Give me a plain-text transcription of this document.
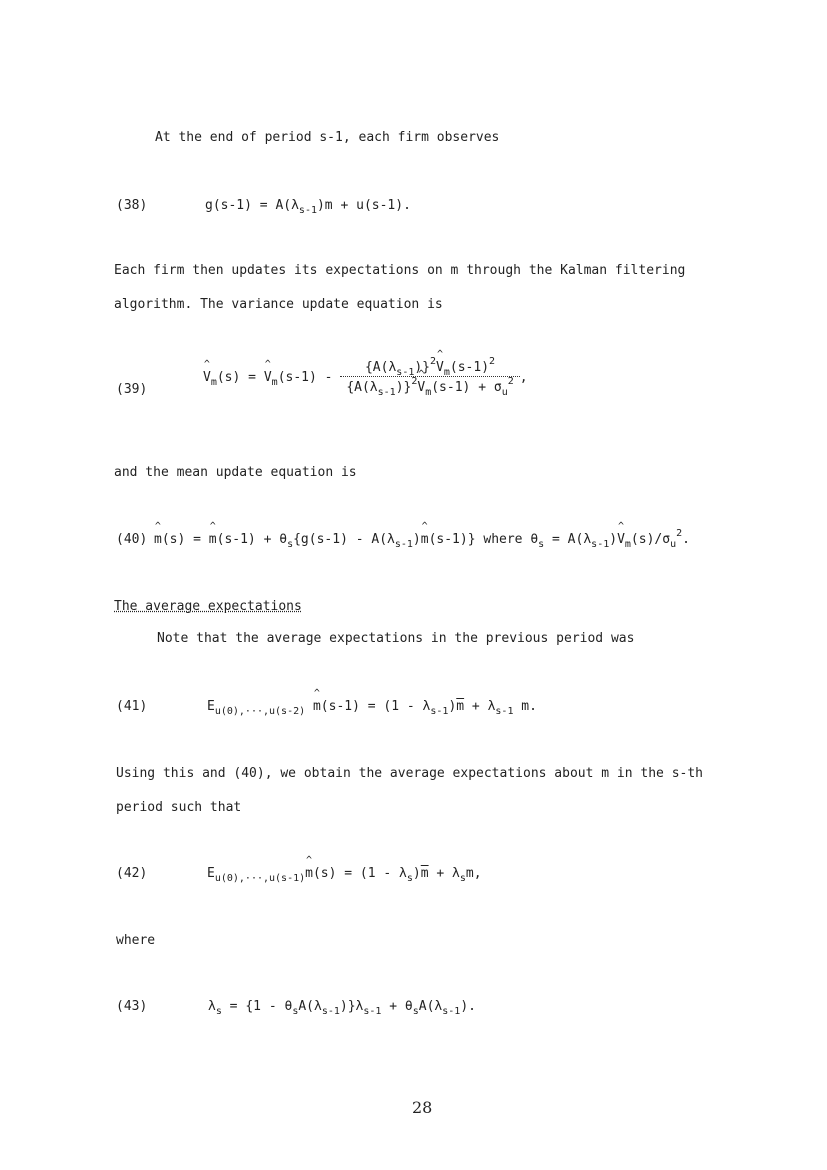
At the end of period s-1, each firm observes
(38)	$g(s-1) = A(\lambda_{s-1})m + u(s-1)$.
Each firm then updates its expectations on m through the Kalman filtering
algorithm. The variance update equation is
(39)
^ $V_m(s)$ = ^ $V_m(s-1) - \frac{\{A(\lambda_{s-1})\}^2\^{} V_m(s-1)^2}{\{A(\lambda_{s-1})\}^2\^{} V_m(s-1) + \sigma_u^2}$ ,
and the mean update equation is
(40) ^ m(s) = ^ $m(s-1) + \theta_s\{g(s-1)$ - $A(\lambda_{s-1})\^{}$ m(s-1)} where $\theta_s$ = $A(\lambda_{s-1})\^{}$ $V_m(s)/\sigma_u^2$.
The average expectations
Note that the average expectations in the previous period was
(41)	$E_{u(0),\cdot\cdot\cdot,u(s-2)}$ ^ $m(s-1) = (1 - \lambda_{s-1})\overline{m} + \lambda_{s-1}$ m.
Using this and (40), we obtain the average expectations about m in the s-th
period such that
(42)	$E_{u(0),\cdot\cdot\cdot,u(s-1)}\^{}$ $m(s) = (1 - \lambda_s)\overline{m} + \lambda_sm$,
where
(43)	$\lambda_s = \{1 - \theta_sA(\lambda_{s-1})\}\lambda_{s-1} + \theta_sA(\lambda_{s-1})$.
28
